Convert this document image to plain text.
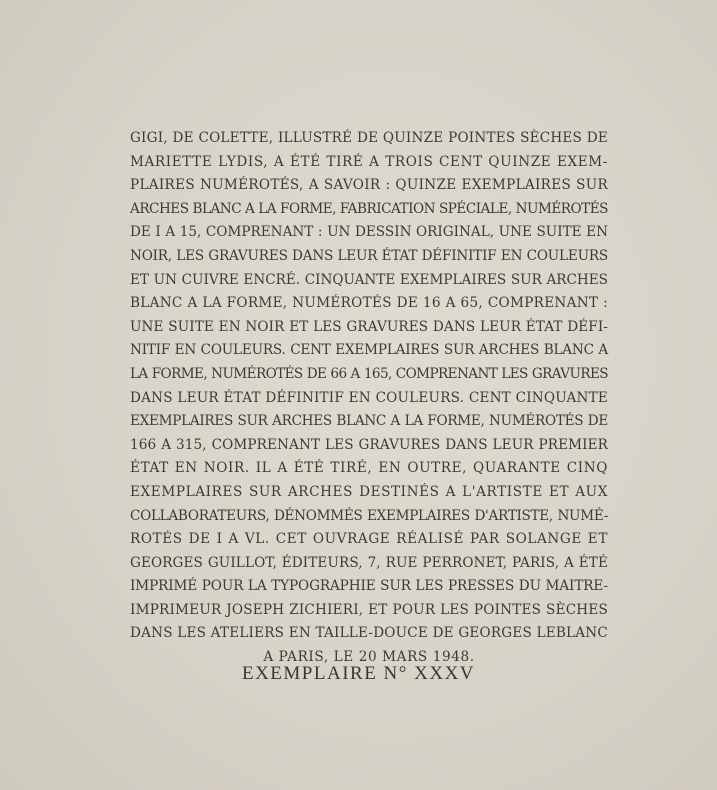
GIGI, DE COLETTE, ILLUSTRÉ DE QUINZE POINTES SÈCHES DE
MARIETTE LYDIS, A ÉTÉ TIRÉ A TROIS CENT QUINZE EXEM-
PLAIRES NUMÉROTÉS, A SAVOIR : QUINZE EXEMPLAIRES SUR
ARCHES BLANC A LA FORME, FABRICATION SPÉCIALE, NUMÉROTÉS
DE I A 15, COMPRENANT : UN DESSIN ORIGINAL, UNE SUITE EN
NOIR, LES GRAVURES DANS LEUR ÉTAT DÉFINITIF EN COULEURS
ET UN CUIVRE ENCRÉ. CINQUANTE EXEMPLAIRES SUR ARCHES
BLANC A LA FORME, NUMÉROTÉS DE 16 A 65, COMPRENANT :
UNE SUITE EN NOIR ET LES GRAVURES DANS LEUR ÉTAT DÉFI-
NITIF EN COULEURS. CENT EXEMPLAIRES SUR ARCHES BLANC A
LA FORME, NUMÉROTÉS DE 66 A 165, COMPRENANT LES GRAVURES
DANS LEUR ÉTAT DÉFINITIF EN COULEURS. CENT CINQUANTE
EXEMPLAIRES SUR ARCHES BLANC A LA FORME, NUMÉROTÉS DE
166 A 315, COMPRENANT LES GRAVURES DANS LEUR PREMIER
ÉTAT EN NOIR. IL A ÉTÉ TIRÉ, EN OUTRE, QUARANTE CINQ
EXEMPLAIRES SUR ARCHES DESTINÉS A L'ARTISTE ET AUX
COLLABORATEURS, DÉNOMMÉS EXEMPLAIRES D'ARTISTE, NUMÉ-
ROTÉS DE I A VL. CET OUVRAGE RÉALISÉ PAR SOLANGE ET
GEORGES GUILLOT, ÉDITEURS, 7, RUE PERRONET, PARIS, A ÉTÉ
IMPRIMÉ POUR LA TYPOGRAPHIE SUR LES PRESSES DU MAITRE-
IMPRIMEUR JOSEPH ZICHIERI, ET POUR LES POINTES SÈCHES
DANS LES ATELIERS EN TAILLE-DOUCE DE GEORGES LEBLANC
A PARIS, LE 20 MARS 1948.

EXEMPLAIRE N° XXXV
